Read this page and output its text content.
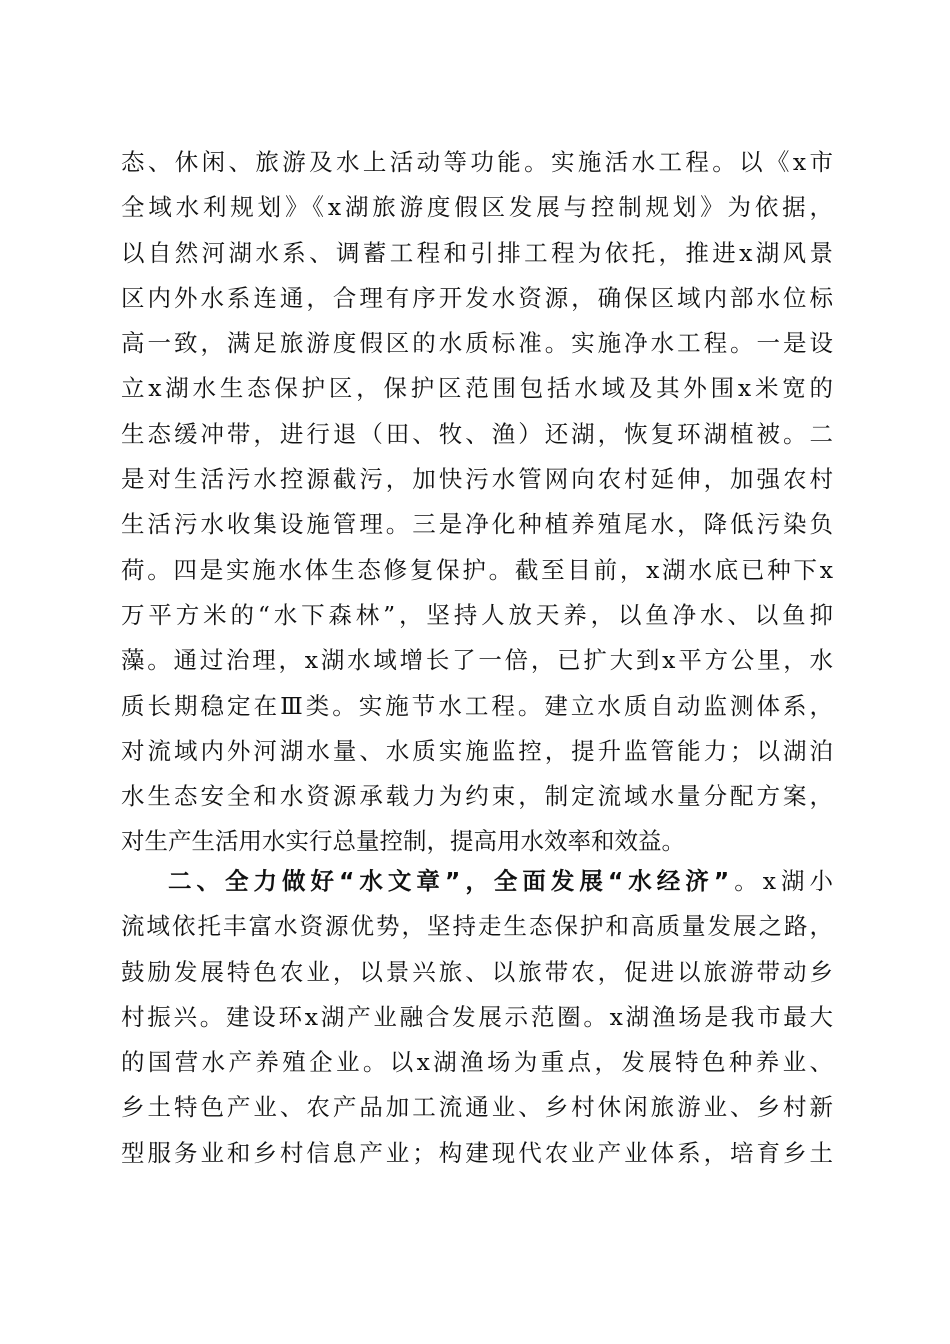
态、休闲、旅游及水上活动等功能。实施活水工程。以《x市
全域水利规划》《x湖旅游度假区发展与控制规划》为依据，
以自然河湖水系、调蓄工程和引排工程为依托，推进x湖风景
区内外水系连通，合理有序开发水资源，确保区域内部水位标
高一致，满足旅游度假区的水质标准。实施净水工程。一是设
立x湖水生态保护区，保护区范围包括水域及其外围x米宽的
生态缓冲带，进行退（田、牧、渔）还湖，恢复环湖植被。二
是对生活污水控源截污，加快污水管网向农村延伸，加强农村
生活污水收集设施管理。三是净化种植养殖尾水，降低污染负
荷。四是实施水体生态修复保护。截至目前，x湖水底已种下x
万平方米的“水下森林”，坚持人放天养，以鱼净水、以鱼抑
藻。通过治理，x湖水域增长了一倍，已扩大到x平方公里，水
质长期稳定在Ⅲ类。实施节水工程。建立水质自动监测体系，
对流域内外河湖水量、水质实施监控，提升监管能力；以湖泊
水生态安全和水资源承载力为约束，制定流域水量分配方案，
对生产生活用水实行总量控制，提高用水效率和效益。
二、全力做好“水文章”，全面发展“水经济”。x湖小
流域依托丰富水资源优势，坚持走生态保护和高质量发展之路，
鼓励发展特色农业，以景兴旅、以旅带农，促进以旅游带动乡
村振兴。建设环x湖产业融合发展示范圈。x湖渔场是我市最大
的国营水产养殖企业。以x湖渔场为重点，发展特色种养业、
乡土特色产业、农产品加工流通业、乡村休闲旅游业、乡村新
型服务业和乡村信息产业；构建现代农业产业体系，培育乡土
